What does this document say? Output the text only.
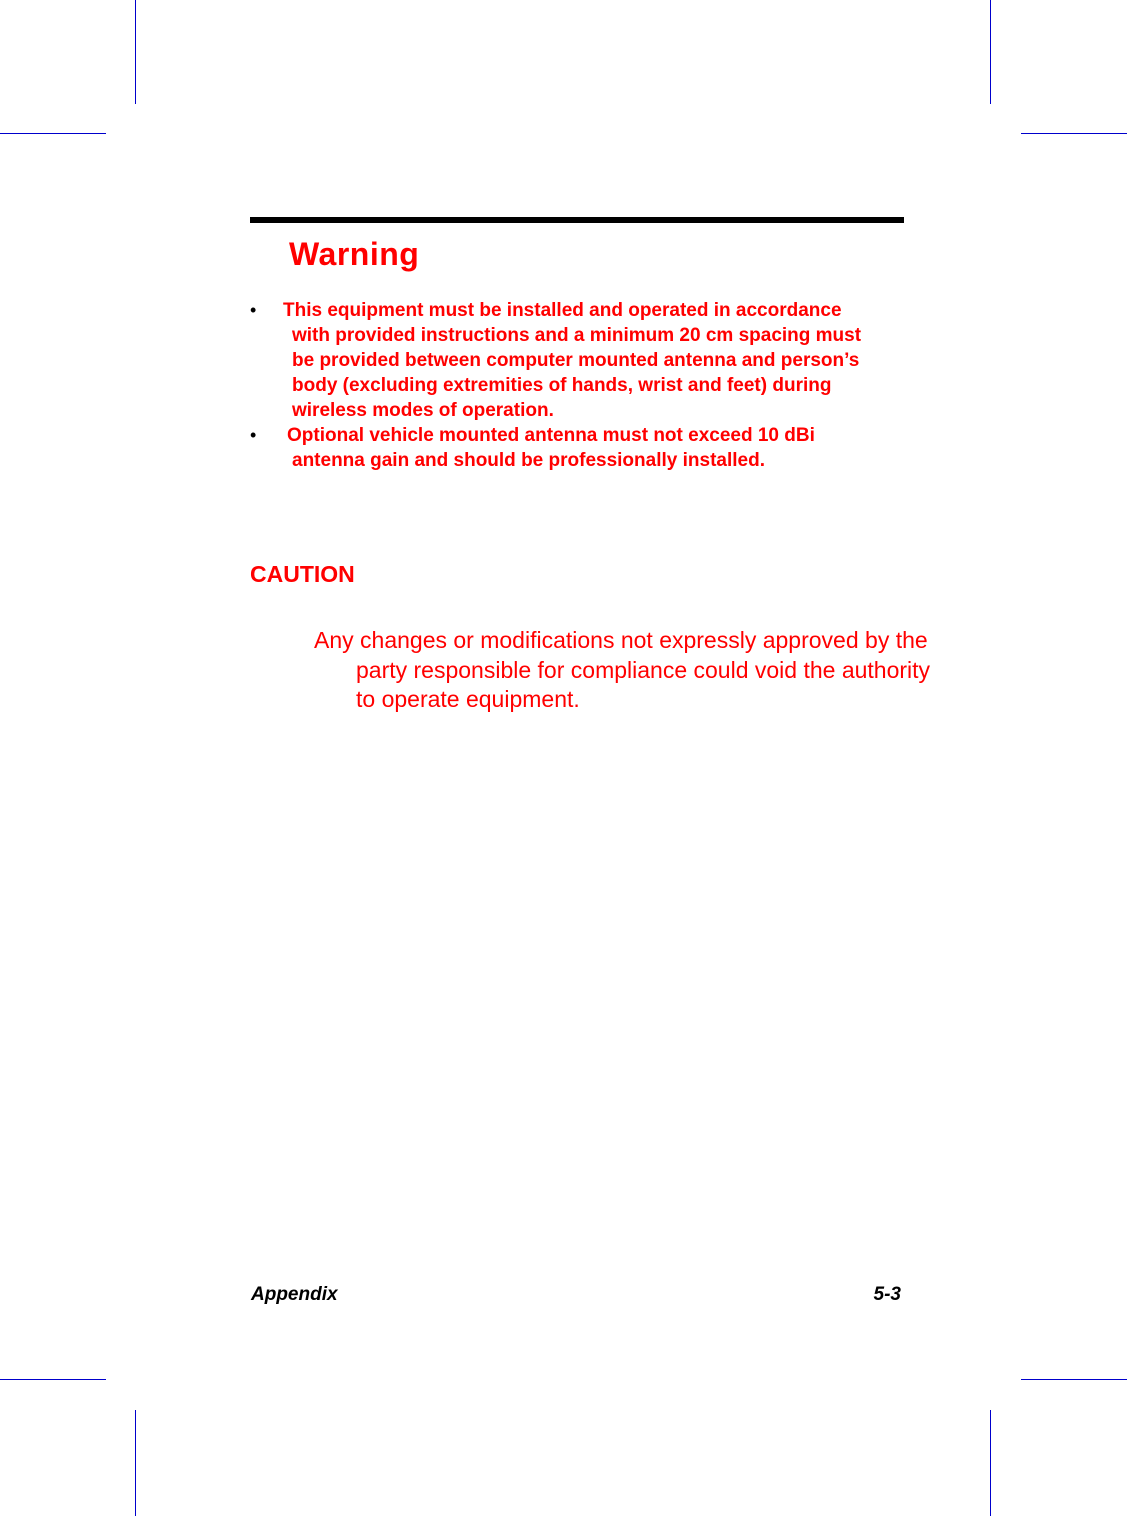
Warning
•	This equipment must be installed and operated in accordance with provided instructions and a minimum 20 cm spacing must be provided between computer mounted antenna and person’s body (excluding extremities of hands, wrist and feet) during wireless modes of operation.
•	Optional vehicle mounted antenna must not exceed 10 dBi antenna gain and should be professionally installed.
CAUTION

Any changes or modifications not expressly approved by the party responsible for compliance could void the authority to operate equipment.

Appendix	5-3
